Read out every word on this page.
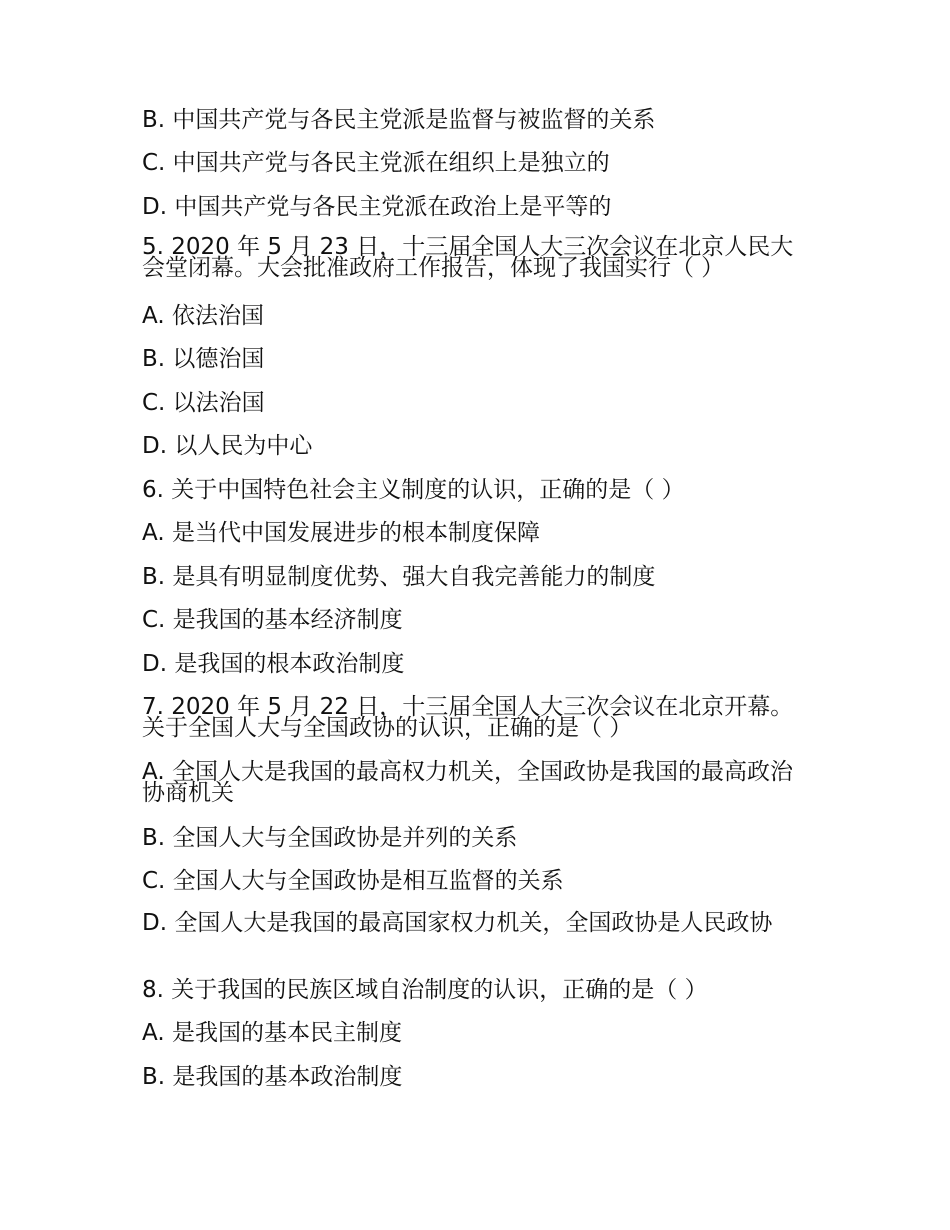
B. 中国共产党与各民主党派是监督与被监督的关系
C. 中国共产党与各民主党派在组织上是独立的
D. 中国共产党与各民主党派在政治上是平等的
5. 2020 年 5 月 23 日，十三届全国人大三次会议在北京人民大会堂闭幕。大会批准政府工作报告，体现了我国实行（ ）
A. 依法治国
B. 以德治国
C. 以法治国
D. 以人民为中心
6. 关于中国特色社会主义制度的认识，正确的是（ ）
A. 是当代中国发展进步的根本制度保障
B. 是具有明显制度优势、强大自我完善能力的制度
C. 是我国的基本经济制度
D. 是我国的根本政治制度
7. 2020 年 5 月 22 日，十三届全国人大三次会议在北京开幕。关于全国人大与全国政协的认识，正确的是（ ）
A. 全国人大是我国的最高权力机关，全国政协是我国的最高政治协商机关
B. 全国人大与全国政协是并列的关系
C. 全国人大与全国政协是相互监督的关系
D. 全国人大是我国的最高国家权力机关，全国政协是人民政协
8. 关于我国的民族区域自治制度的认识，正确的是（ ）
A. 是我国的基本民主制度
B. 是我国的基本政治制度
